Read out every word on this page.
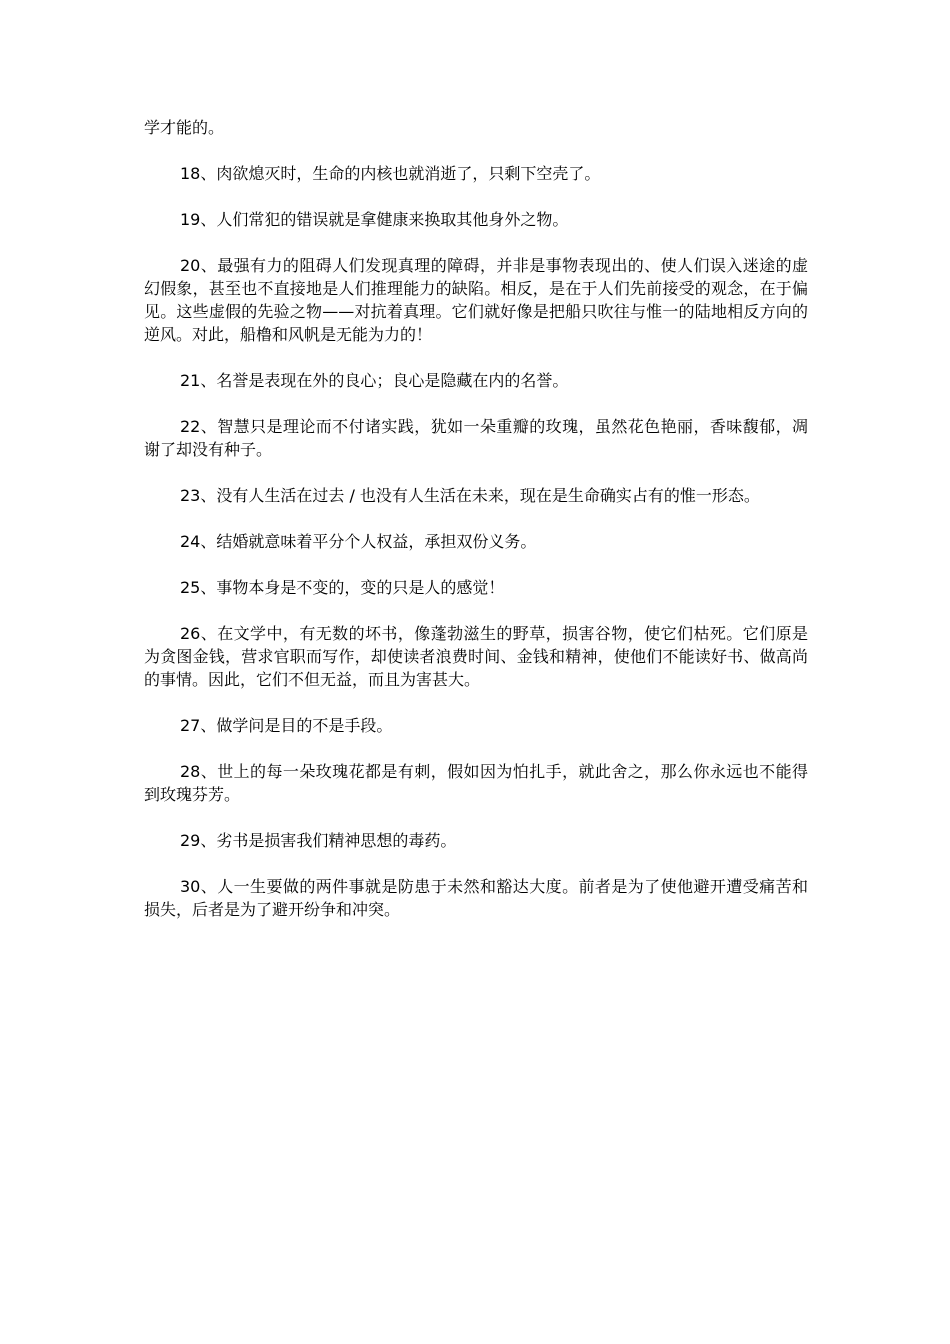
学才能的。

18、肉欲熄灭时，生命的内核也就消逝了，只剩下空壳了。

19、人们常犯的错误就是拿健康来换取其他身外之物。

20、最强有力的阻碍人们发现真理的障碍，并非是事物表现出的、使人们误入迷途的虚幻假象，甚至也不直接地是人们推理能力的缺陷。相反，是在于人们先前接受的观念，在于偏见。这些虚假的先验之物——对抗着真理。它们就好像是把船只吹往与惟一的陆地相反方向的逆风。对此，船橹和风帆是无能为力的！

21、名誉是表现在外的良心；良心是隐藏在内的名誉。

22、智慧只是理论而不付诸实践，犹如一朵重瓣的玫瑰，虽然花色艳丽，香味馥郁，凋谢了却没有种子。

23、没有人生活在过去 / 也没有人生活在未来，现在是生命确实占有的惟一形态。

24、结婚就意味着平分个人权益，承担双份义务。

25、事物本身是不变的，变的只是人的感觉！

26、在文学中，有无数的坏书，像蓬勃滋生的野草，损害谷物，使它们枯死。它们原是为贪图金钱，营求官职而写作，却使读者浪费时间、金钱和精神，使他们不能读好书、做高尚的事情。因此，它们不但无益，而且为害甚大。

27、做学问是目的不是手段。

28、世上的每一朵玫瑰花都是有刺，假如因为怕扎手，就此舍之，那么你永远也不能得到玫瑰芬芳。

29、劣书是损害我们精神思想的毒药。

30、人一生要做的两件事就是防患于未然和豁达大度。前者是为了使他避开遭受痛苦和损失，后者是为了避开纷争和冲突。
